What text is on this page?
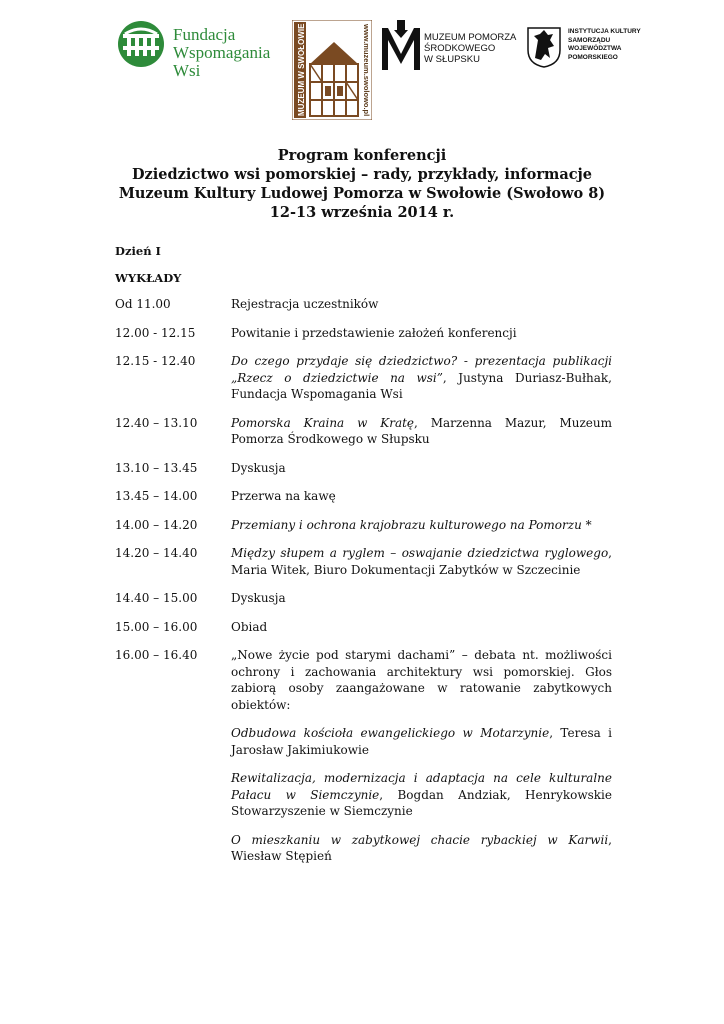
Fundacja
Wspomagania Wsi	MUZEUM W SWOŁOWIE	www.muzeum.swolowo.pl	MUZEUM POMORZA
ŚRODKOWEGO
W SŁUPSKU
INSTYTUCJA KULTURY
SAMORZĄDU
WOJEWÓDZTWA
POMORSKIEGO
Program konferencji
Dziedzictwo wsi pomorskiej – rady, przykłady, informacje
Muzeum Kultury Ludowej Pomorza w Swołowie (Swołowo 8)
12-13 września 2014 r.
Dzień I
WYKŁADY
Od 11.00	Rejestracja uczestników
12.00 - 12.15	Powitanie i przedstawienie założeń konferencji
12.15 - 12.40	Do czego przydaje się dziedzictwo? - prezentacja publikacji „Rzecz o dziedzictwie na wsi”, Justyna Duriasz-Bułhak, Fundacja Wspomagania Wsi
12.40 – 13.10	Pomorska Kraina w Kratę, Marzenna Mazur, Muzeum Pomorza Środkowego w Słupsku
13.10 – 13.45	Dyskusja
13.45 – 14.00	Przerwa na kawę
14.00 – 14.20	Przemiany i ochrona krajobrazu kulturowego na Pomorzu *
14.20 – 14.40	Między słupem a ryglem – oswajanie dziedzictwa ryglowego, Maria Witek, Biuro Dokumentacji Zabytków w Szczecinie
14.40 – 15.00	Dyskusja
15.00 – 16.00	Obiad
16.00 – 16.40	„Nowe życie pod starymi dachami” – debata nt. możliwości ochrony i zachowania architektury wsi pomorskiej. Głos zabiorą osoby zaangażowane w ratowanie zabytkowych obiektów:

Odbudowa kościoła ewangelickiego w Motarzynie, Teresa i Jarosław Jakimiukowie

Rewitalizacja, modernizacja i adaptacja na cele kulturalne Pałacu w Siemczynie, Bogdan Andziak, Henrykowskie Stowarzyszenie w Siemczynie

O mieszkaniu w zabytkowej chacie rybackiej w Karwii, Wiesław Stępień
